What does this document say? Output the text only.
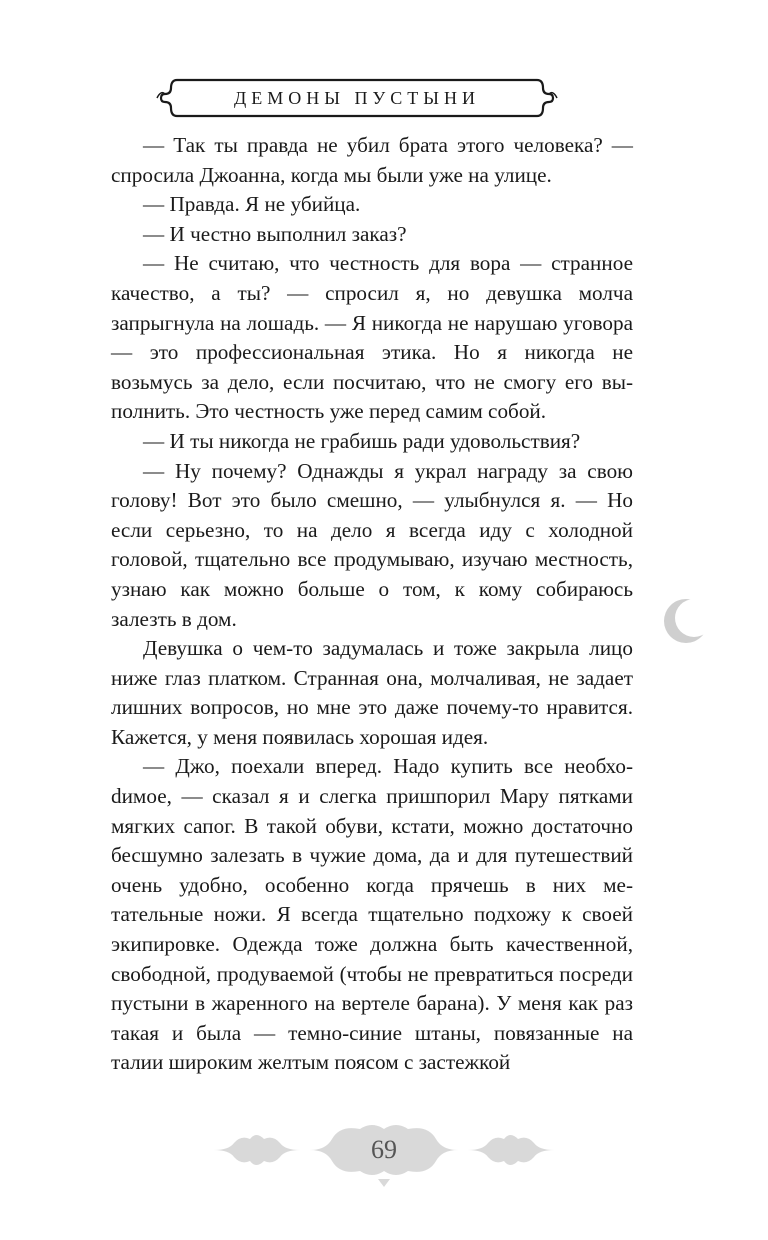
ДЕМОНЫ ПУСТЫНИ

— Так ты правда не убил брата этого человека? — спросила Джоанна, когда мы были уже на улице.

— Правда. Я не убийца.

— И честно выполнил заказ?

— Не считаю, что честность для вора — странное качество, а ты? — спросил я, но девушка молча запрыгнула на лошадь. — Я никогда не нарушаю уговора — это профессиональная этика. Но я никогда не возьмусь за дело, если посчитаю, что не смогу его выполнить. Это честность уже перед самим собой.

— И ты никогда не грабишь ради удовольствия?

— Ну почему? Однажды я украл награду за свою голову! Вот это было смешно, — улыбнулся я. — Но если серьезно, то на дело я всегда иду с холодной головой, тщательно все продумываю, изучаю местность, узнаю как можно больше о том, к кому собираюсь залезть в дом.

Девушка о чем-то задумалась и тоже закрыла лицо ниже глаз платком. Странная она, молчаливая, не задает лишних вопросов, но мне это даже почему-то нравится. Кажется, у меня появилась хорошая идея.

— Джо, поехали вперед. Надо купить все необхоdимое, — сказал я и слегка пришпорил Мару пятками мягких сапог. В такой обуви, кстати, можно достаточно бесшумно залезать в чужие дома, да и для путешествий очень удобно, особенно когда прячешь в них метательные ножи. Я всегда тщательно подхожу к своей экипировке. Одежда тоже должна быть качественной, свободной, продуваемой (чтобы не превратиться посреди пустыни в жаренного на вертеле барана). У меня как раз такая и была — темно-синие штаны, повязанные на талии широким желтым поясом с застежкой

69
